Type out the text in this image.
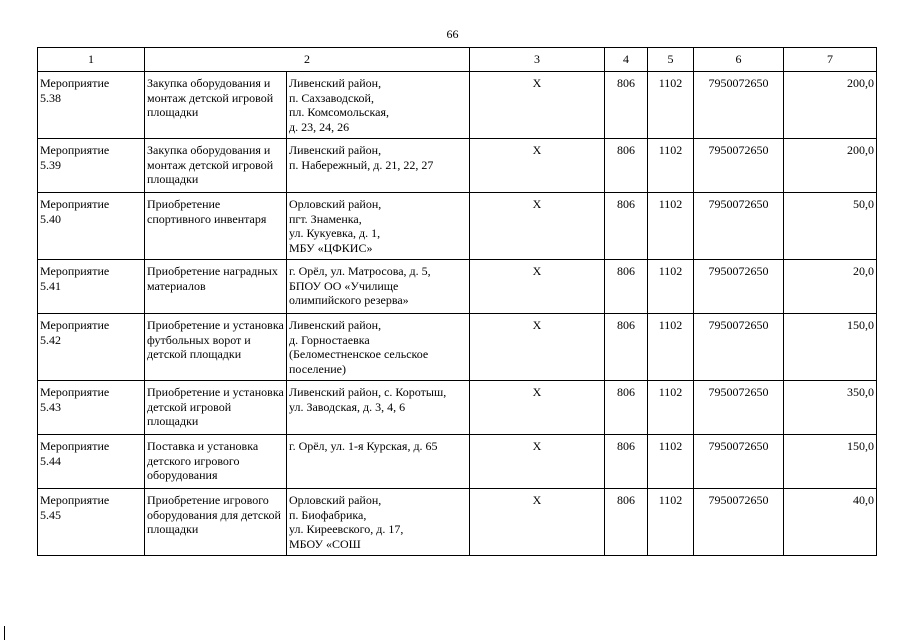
66
1	2		3	4	5	6	7
Мероприятие
5.38	Закупка оборудования и монтаж детской игровой площадки	Ливенский район,
п. Сахзаводской,
пл. Комсомольская,
д. 23, 24, 26	X	806	1102	7950072650	200,0
Мероприятие
5.39	Закупка оборудования и монтаж детской игровой площадки	Ливенский район,
п. Набережный, д. 21, 22, 27	X	806	1102	7950072650	200,0
Мероприятие
5.40	Приобретение спортивного инвентаря	Орловский район,
пгт. Знаменка,
ул. Кукуевка, д. 1,
МБУ «ЦФКИС»	X	806	1102	7950072650	50,0
Мероприятие
5.41	Приобретение наградных материалов	г. Орёл, ул. Матросова, д. 5,
БПОУ ОО «Училище олимпийского резерва»	X	806	1102	7950072650	20,0
Мероприятие
5.42	Приобретение и установка футбольных ворот и детской площадки	Ливенский район,
д. Горностаевка
(Беломестненское сельское поселение)	X	806	1102	7950072650	150,0
Мероприятие
5.43	Приобретение и установка детской игровой площадки	Ливенский район, с. Коротыш,
ул. Заводская, д. 3, 4, 6	X	806	1102	7950072650	350,0
Мероприятие
5.44	Поставка и установка детского игрового оборудования	г. Орёл, ул. 1-я Курская, д. 65	X	806	1102	7950072650	150,0
Мероприятие
5.45	Приобретение игрового оборудования для детской площадки	Орловский район,
п. Биофабрика,
ул. Киреевского, д. 17,
МБОУ «СОШ	X	806	1102	7950072650	40,0
